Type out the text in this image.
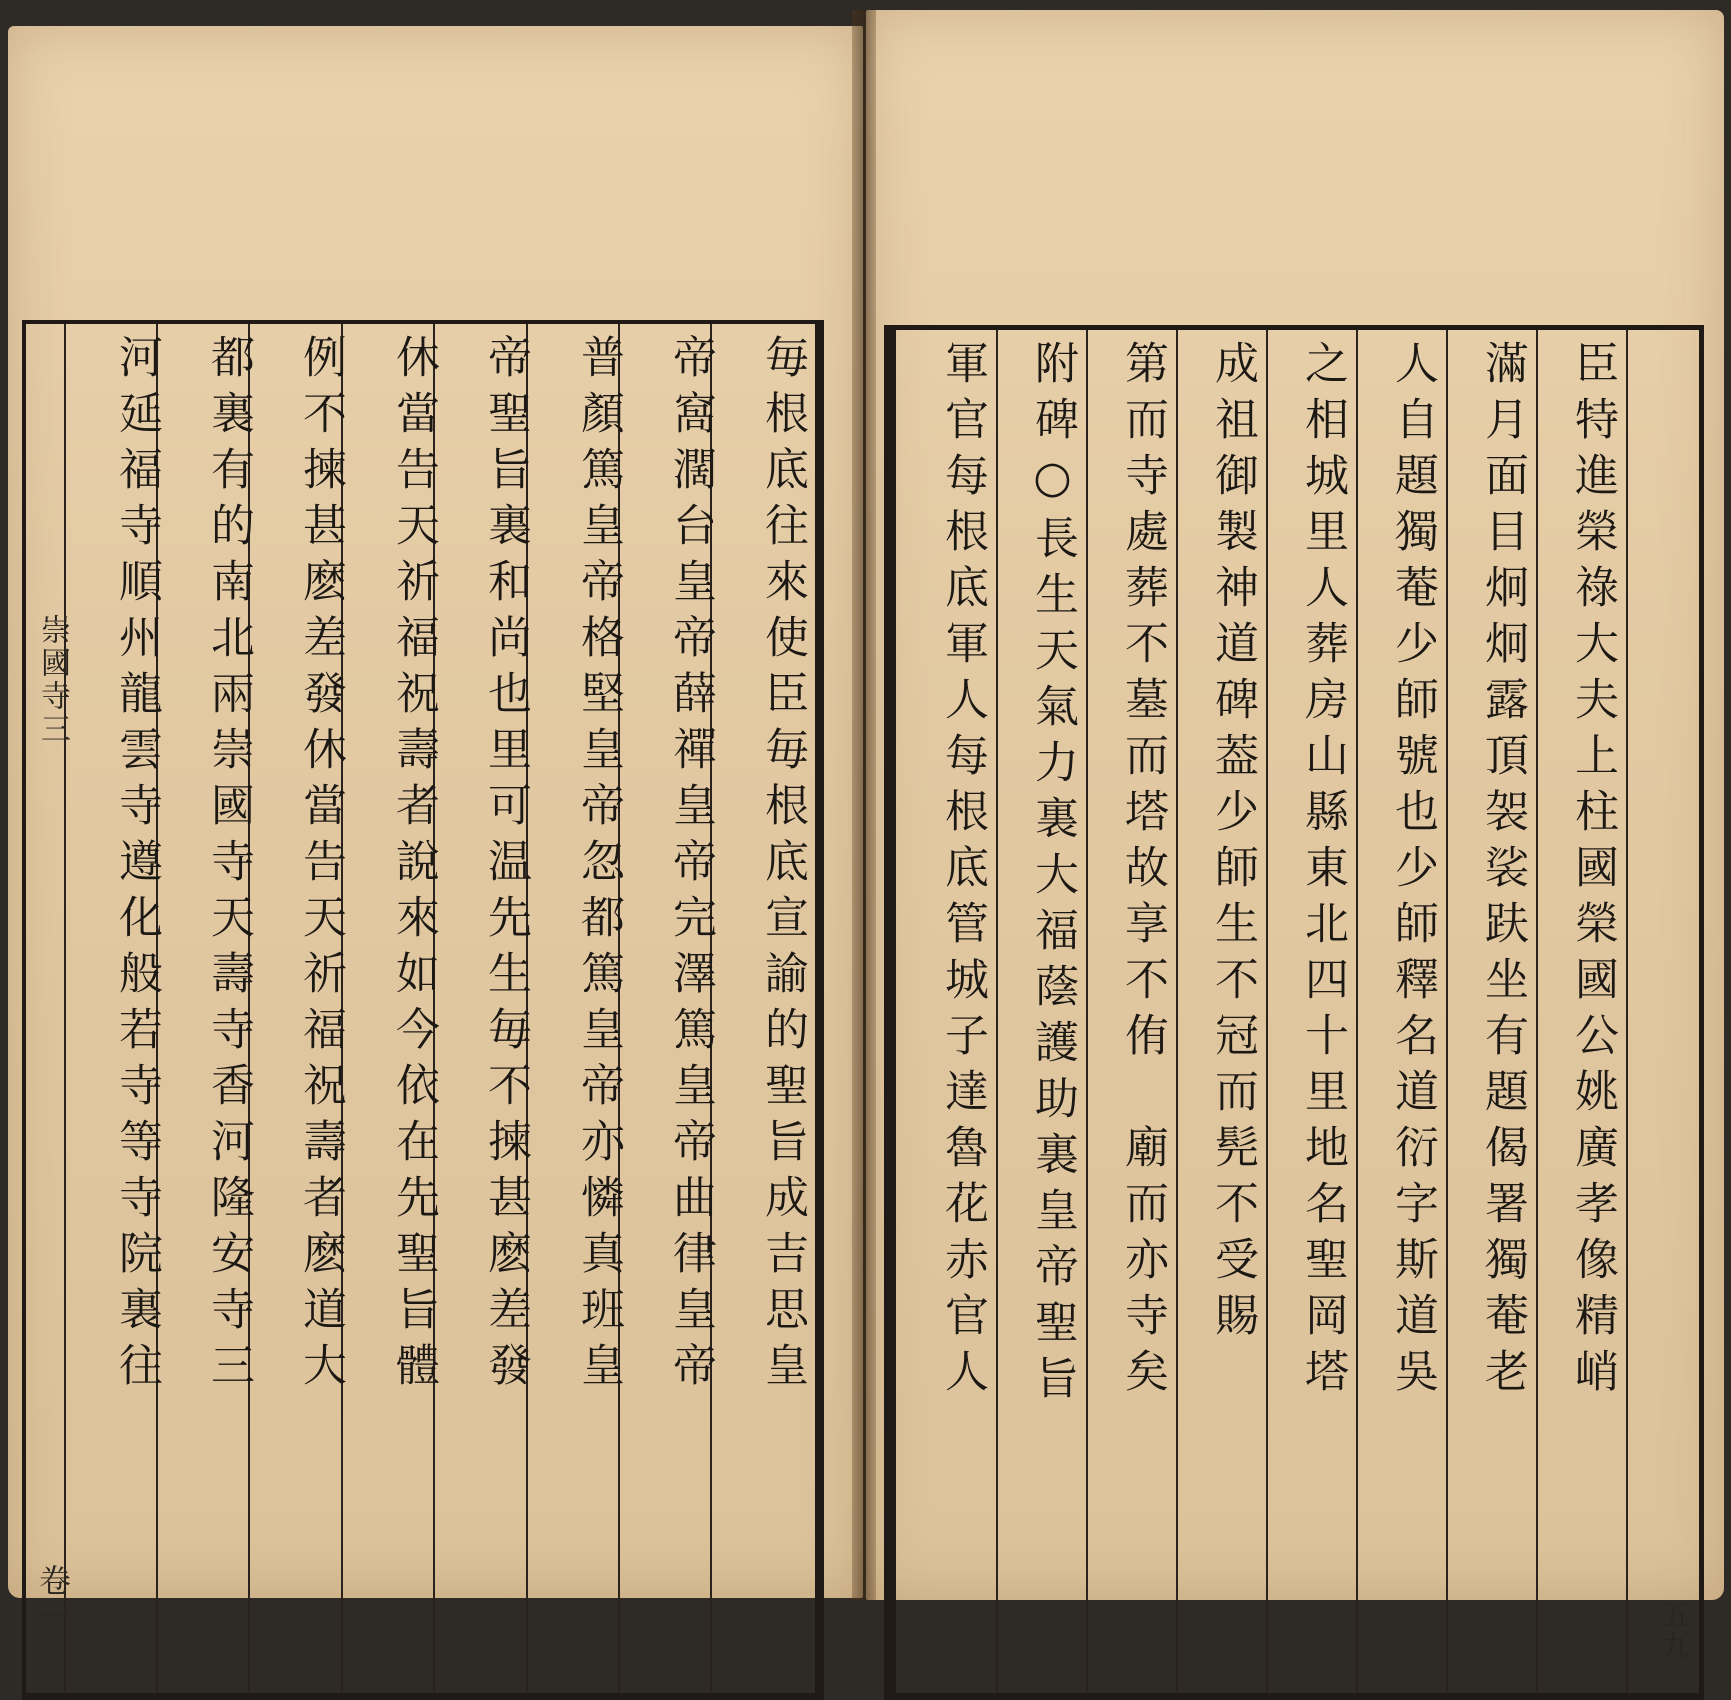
崇國寺三
卷一
河延福寺順州龍雲寺遵化般若寺等寺院裏往 都裏有的南北兩崇國寺天壽寺香河隆安寺三 例不揀甚麽差發休當告天祈福祝壽者麽道大 休當告天祈福祝壽者說來如今依在先聖旨體 帝聖旨裏和尚也里可温先生毎不揀甚麽差發 普顏篤皇帝格堅皇帝忽都篤皇帝亦憐真班皇 帝窩濶台皇帝薛禪皇帝完澤篤皇帝曲律皇帝 毎根底往來使臣毎根底宣諭的聖旨成吉思皇	軍官每根底軍人每根底管城子達魯花赤官人 附碑○長生天氣力裏大福蔭護助裏皇帝聖旨 第而寺處葬不墓而塔故享不侑　廟而亦寺矣 成祖御製神道碑葢少師生不冠而髡不受賜 之相城里人葬房山縣東北四十里地名聖岡塔 人自題獨菴少師號也少師釋名道衍字斯道吳 滿月面目炯炯露頂袈裟趺坐有題偈署獨菴老 臣特進榮祿大夫上柱國榮國公姚廣孝像精峭
五九
